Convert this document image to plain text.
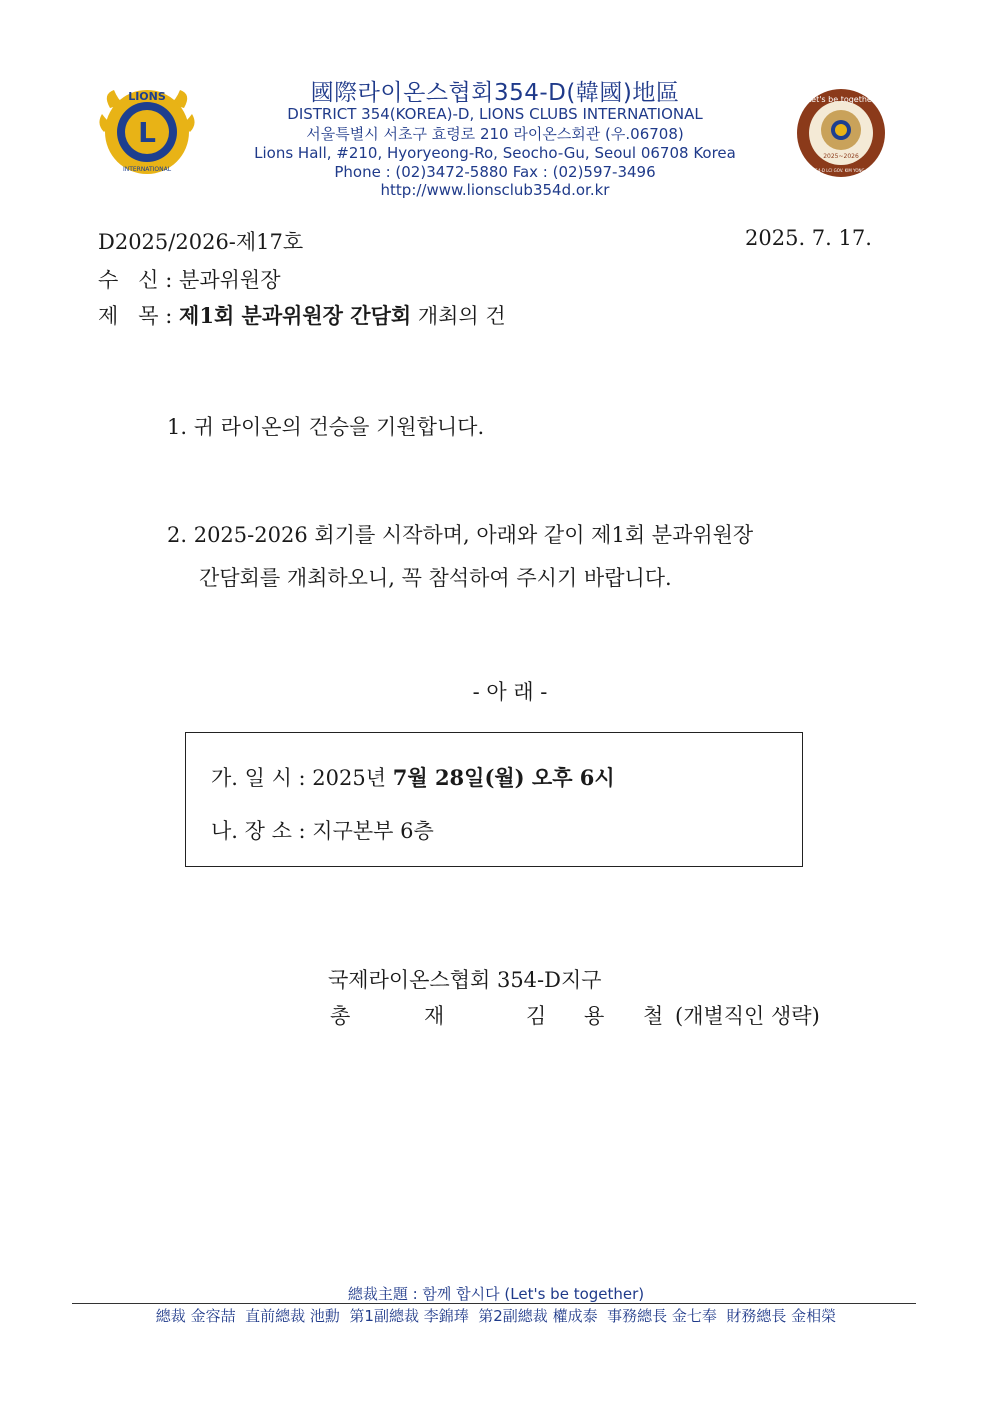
L
LIONS
INTERNATIONAL
Let's be together
2025~2026
DIST 354-D LCI GOV. KIM YONG-CHEOL
國際라이온스협회354-D(韓國)地區
DISTRICT 354(KOREA)-D, LIONS CLUBS INTERNATIONAL
서울특별시 서초구 효령로 210 라이온스회관 (우.06708)
Lions Hall, #210, Hyoryeong-Ro, Seocho-Gu, Seoul 06708 Korea
Phone : (02)3472-5880 Fax : (02)597-3496
http://www.lionsclub354d.or.kr
D2025/2026-제17호	2025. 7. 17.
수   신 : 분과위원장
제   목 : 제1회 분과위원장 간담회 개최의 건
1. 귀 라이온의 건승을 기원합니다.
2. 2025-2026 회기를 시작하며, 아래와 같이 제1회 분과위원장
간담회를 개최하오니, 꼭 참석하여 주시기 바랍니다.
- 아 래 -
가. 일 시 : 2025년 7월 28일(월) 오후 6시
나. 장 소 : 지구본부 6층
국제라이온스협회 354-D지구
총	재	김 용 철 (개별직인 생략)
總裁主題 : 함께 합시다 (Let's be together)
總裁 金容喆  直前總裁 池勳  第1副總裁 李錦琫  第2副總裁 權成泰  事務總長 金七奉  財務總長 金相榮
